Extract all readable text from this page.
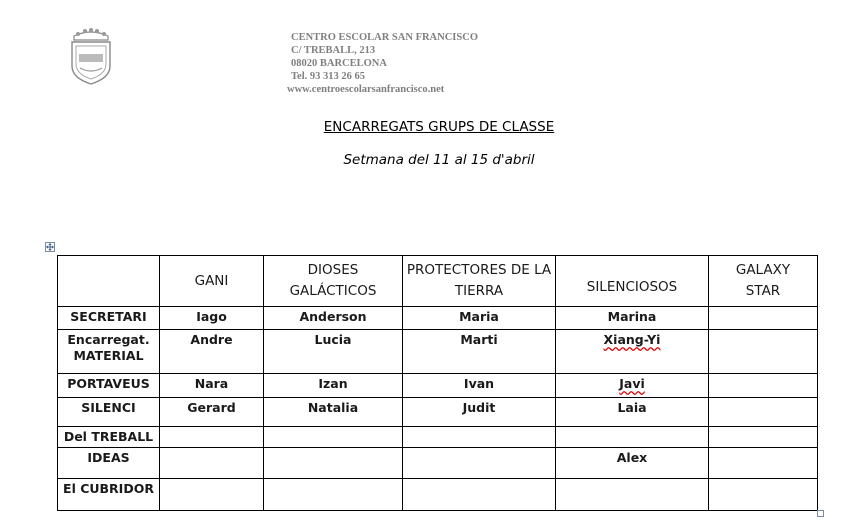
CENTRO ESCOLAR SAN FRANCISCO
C/ TREBALL, 213
08020 BARCELONA
Tel. 93 313 26 65
www.centroescolarsanfrancisco.net
ENCARREGATS GRUPS DE CLASSE
Setmana del 11 al 15 d'abril
	GANI	DIOSES GALÁCTICOS	PROTECTORES DE LA TIERRA	SILENCIOSOS	GALAXY STAR
SECRETARI	Iago	Anderson	Maria	Marina	
Encarregat. MATERIAL	Andre	Lucia	Marti	Xiang-Yi	
PORTAVEUS	Nara	Izan	Ivan	Javi	
SILENCI	Gerard	Natalia	Judit	Laia	
Del TREBALL					
IDEAS				Alex	
El CUBRIDOR					
